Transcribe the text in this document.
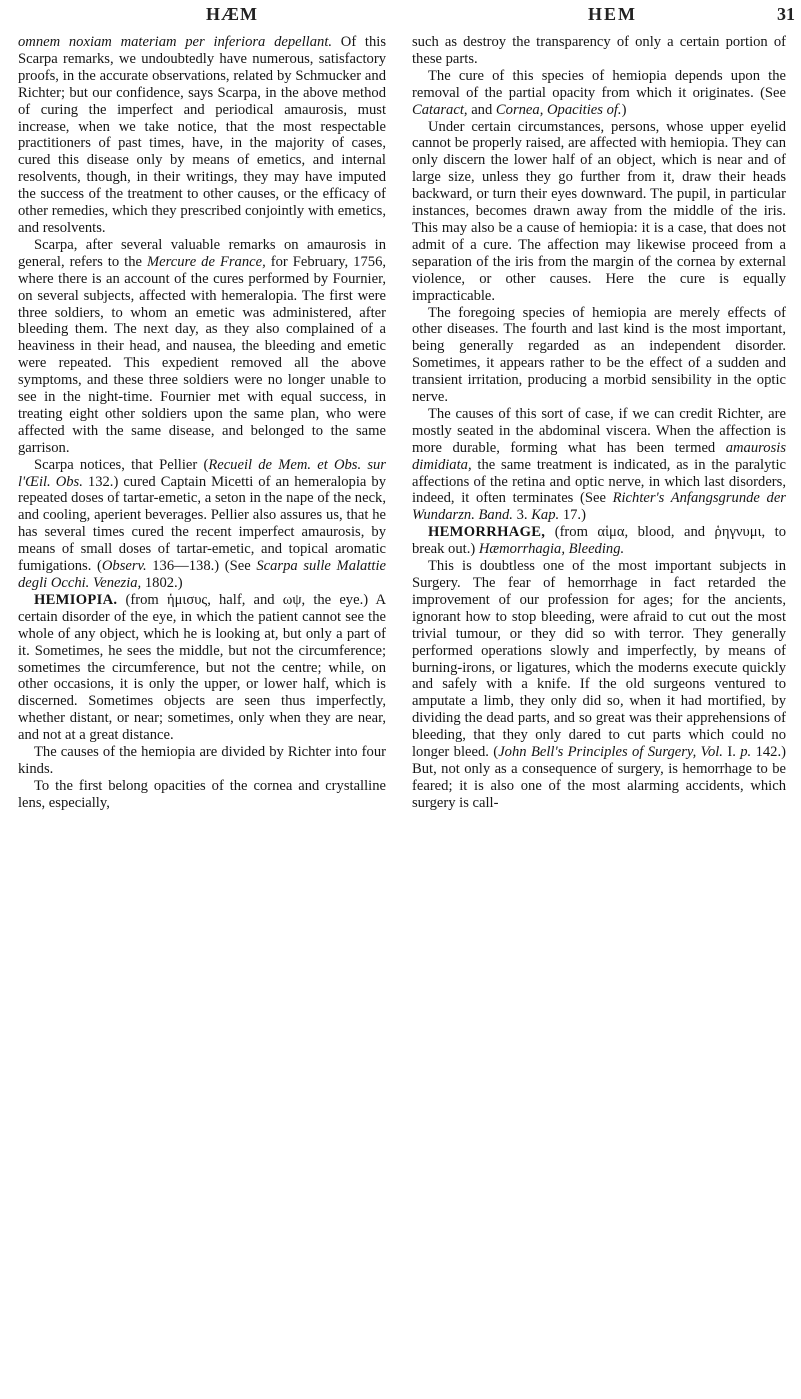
HÆM	HEM	31

omnem noxiam materiam per inferiora depellant. Of this Scarpa remarks, we undoubtedly have numerous, satisfactory proofs, in the accurate observations, related by Schmucker and Richter; but our confidence, says Scarpa, in the above method of curing the imperfect and periodical amaurosis, must increase, when we take notice, that the most respectable practitioners of past times, have, in the majority of cases, cured this disease only by means of emetics, and internal resolvents, though, in their writings, they may have imputed the success of the treatment to other causes, or the efficacy of other remedies, which they prescribed conjointly with emetics, and resolvents.

Scarpa, after several valuable remarks on amaurosis in general, refers to the Mercure de France, for February, 1756, where there is an account of the cures performed by Fournier, on several subjects, affected with hemeralopia. The first were three soldiers, to whom an emetic was administered, after bleeding them. The next day, as they also complained of a heaviness in their head, and nausea, the bleeding and emetic were repeated. This expedient removed all the above symptoms, and these three soldiers were no longer unable to see in the night-time. Fournier met with equal success, in treating eight other soldiers upon the same plan, who were affected with the same disease, and belonged to the same garrison.

Scarpa notices, that Pellier (Recueil de Mem. et Obs. sur l'Œil. Obs. 132.) cured Captain Micetti of an hemeralopia by repeated doses of tartar-emetic, a seton in the nape of the neck, and cooling, aperient beverages. Pellier also assures us, that he has several times cured the recent imperfect amaurosis, by means of small doses of tartar-emetic, and topical aromatic fumigations. (Observ. 136—138.) (See Scarpa sulle Malattie degli Occhi. Venezia, 1802.)

HEMIOPIA. (from ἡμισυς, half, and ωψ, the eye.) A certain disorder of the eye, in which the patient cannot see the whole of any object, which he is looking at, but only a part of it. Sometimes, he sees the middle, but not the circumference; sometimes the circumference, but not the centre; while, on other occasions, it is only the upper, or lower half, which is discerned. Sometimes objects are seen thus imperfectly, whether distant, or near; sometimes, only when they are near, and not at a great distance.

The causes of the hemiopia are divided by Richter into four kinds.

To the first belong opacities of the cornea and crystalline lens, especially,

such as destroy the transparency of only a certain portion of these parts.

The cure of this species of hemiopia depends upon the removal of the partial opacity from which it originates. (See Cataract, and Cornea, Opacities of.)

Under certain circumstances, persons, whose upper eyelid cannot be properly raised, are affected with hemiopia. They can only discern the lower half of an object, which is near and of large size, unless they go further from it, draw their heads backward, or turn their eyes downward. The pupil, in particular instances, becomes drawn away from the middle of the iris. This may also be a cause of hemiopia: it is a case, that does not admit of a cure. The affection may likewise proceed from a separation of the iris from the margin of the cornea by external violence, or other causes. Here the cure is equally impracticable.

The foregoing species of hemiopia are merely effects of other diseases. The fourth and last kind is the most important, being generally regarded as an independent disorder. Sometimes, it appears rather to be the effect of a sudden and transient irritation, producing a morbid sensibility in the optic nerve.

The causes of this sort of case, if we can credit Richter, are mostly seated in the abdominal viscera. When the affection is more durable, forming what has been termed amaurosis dimidiata, the same treatment is indicated, as in the paralytic affections of the retina and optic nerve, in which last disorders, indeed, it often terminates (See Richter's Anfangsgrunde der Wundarzn. Band. 3. Kap. 17.)

HEMORRHAGE, (from αἱμα, blood, and ῥηγνυμι, to break out.) Hæmorrhagia, Bleeding.

This is doubtless one of the most important subjects in Surgery. The fear of hemorrhage in fact retarded the improvement of our profession for ages; for the ancients, ignorant how to stop bleeding, were afraid to cut out the most trivial tumour, or they did so with terror. They generally performed operations slowly and imperfectly, by means of burning-irons, or ligatures, which the moderns execute quickly and safely with a knife. If the old surgeons ventured to amputate a limb, they only did so, when it had mortified, by dividing the dead parts, and so great was their apprehensions of bleeding, that they only dared to cut parts which could no longer bleed. (John Bell's Principles of Surgery, Vol. I. p. 142.) But, not only as a consequence of surgery, is hemorrhage to be feared; it is also one of the most alarming accidents, which surgery is call-
